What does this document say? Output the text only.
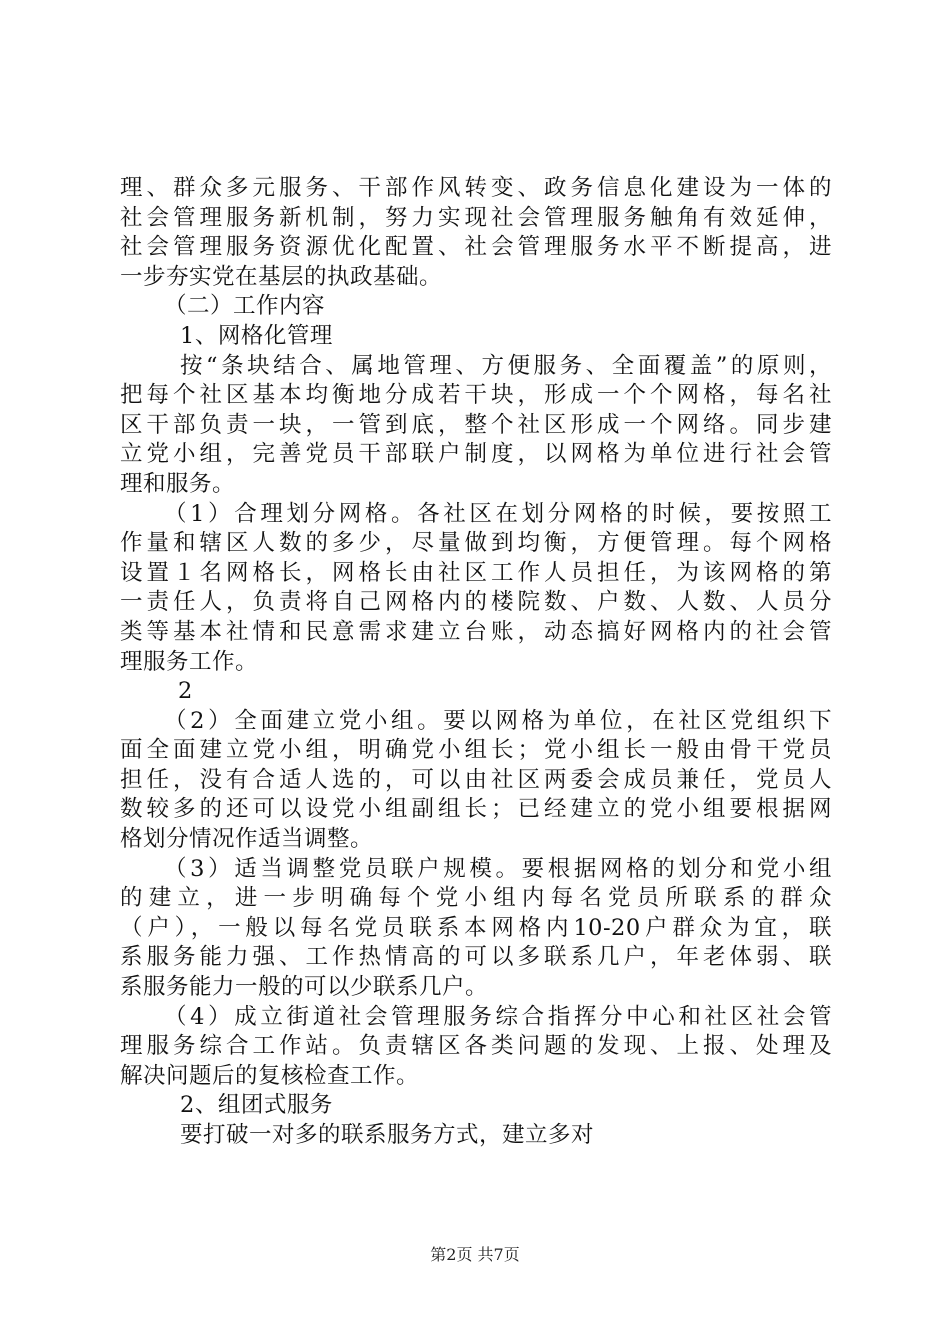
理、群众多元服务、干部作风转变、政务信息化建设为一体的
社会管理服务新机制，努力实现社会管理服务触角有效延伸，
社会管理服务资源优化配置、社会管理服务水平不断提高，进
一步夯实党在基层的执政基础。
（二）工作内容
1、网格化管理
按“条块结合、属地管理、方便服务、全面覆盖”的原则，
把每个社区基本均衡地分成若干块，形成一个个网格，每名社
区干部负责一块，一管到底，整个社区形成一个网络。同步建
立党小组，完善党员干部联户制度，以网格为单位进行社会管
理和服务。
（1）合理划分网格。各社区在划分网格的时候，要按照工
作量和辖区人数的多少，尽量做到均衡，方便管理。每个网格
设置１名网格长，网格长由社区工作人员担任，为该网格的第
一责任人，负责将自己网格内的楼院数、户数、人数、人员分
类等基本社情和民意需求建立台账，动态搞好网格内的社会管
理服务工作。
2
（2）全面建立党小组。要以网格为单位，在社区党组织下
面全面建立党小组，明确党小组长；党小组长一般由骨干党员
担任，没有合适人选的，可以由社区两委会成员兼任，党员人
数较多的还可以设党小组副组长；已经建立的党小组要根据网
格划分情况作适当调整。
（3）适当调整党员联户规模。要根据网格的划分和党小组
的建立，进一步明确每个党小组内每名党员所联系的群众
（户），一般以每名党员联系本网格内10-20户群众为宜，联
系服务能力强、工作热情高的可以多联系几户，年老体弱、联
系服务能力一般的可以少联系几户。
（4）成立街道社会管理服务综合指挥分中心和社区社会管
理服务综合工作站。负责辖区各类问题的发现、上报、处理及
解决问题后的复核检查工作。
2、组团式服务
要打破一对多的联系服务方式，建立多对
第2页 共7页
